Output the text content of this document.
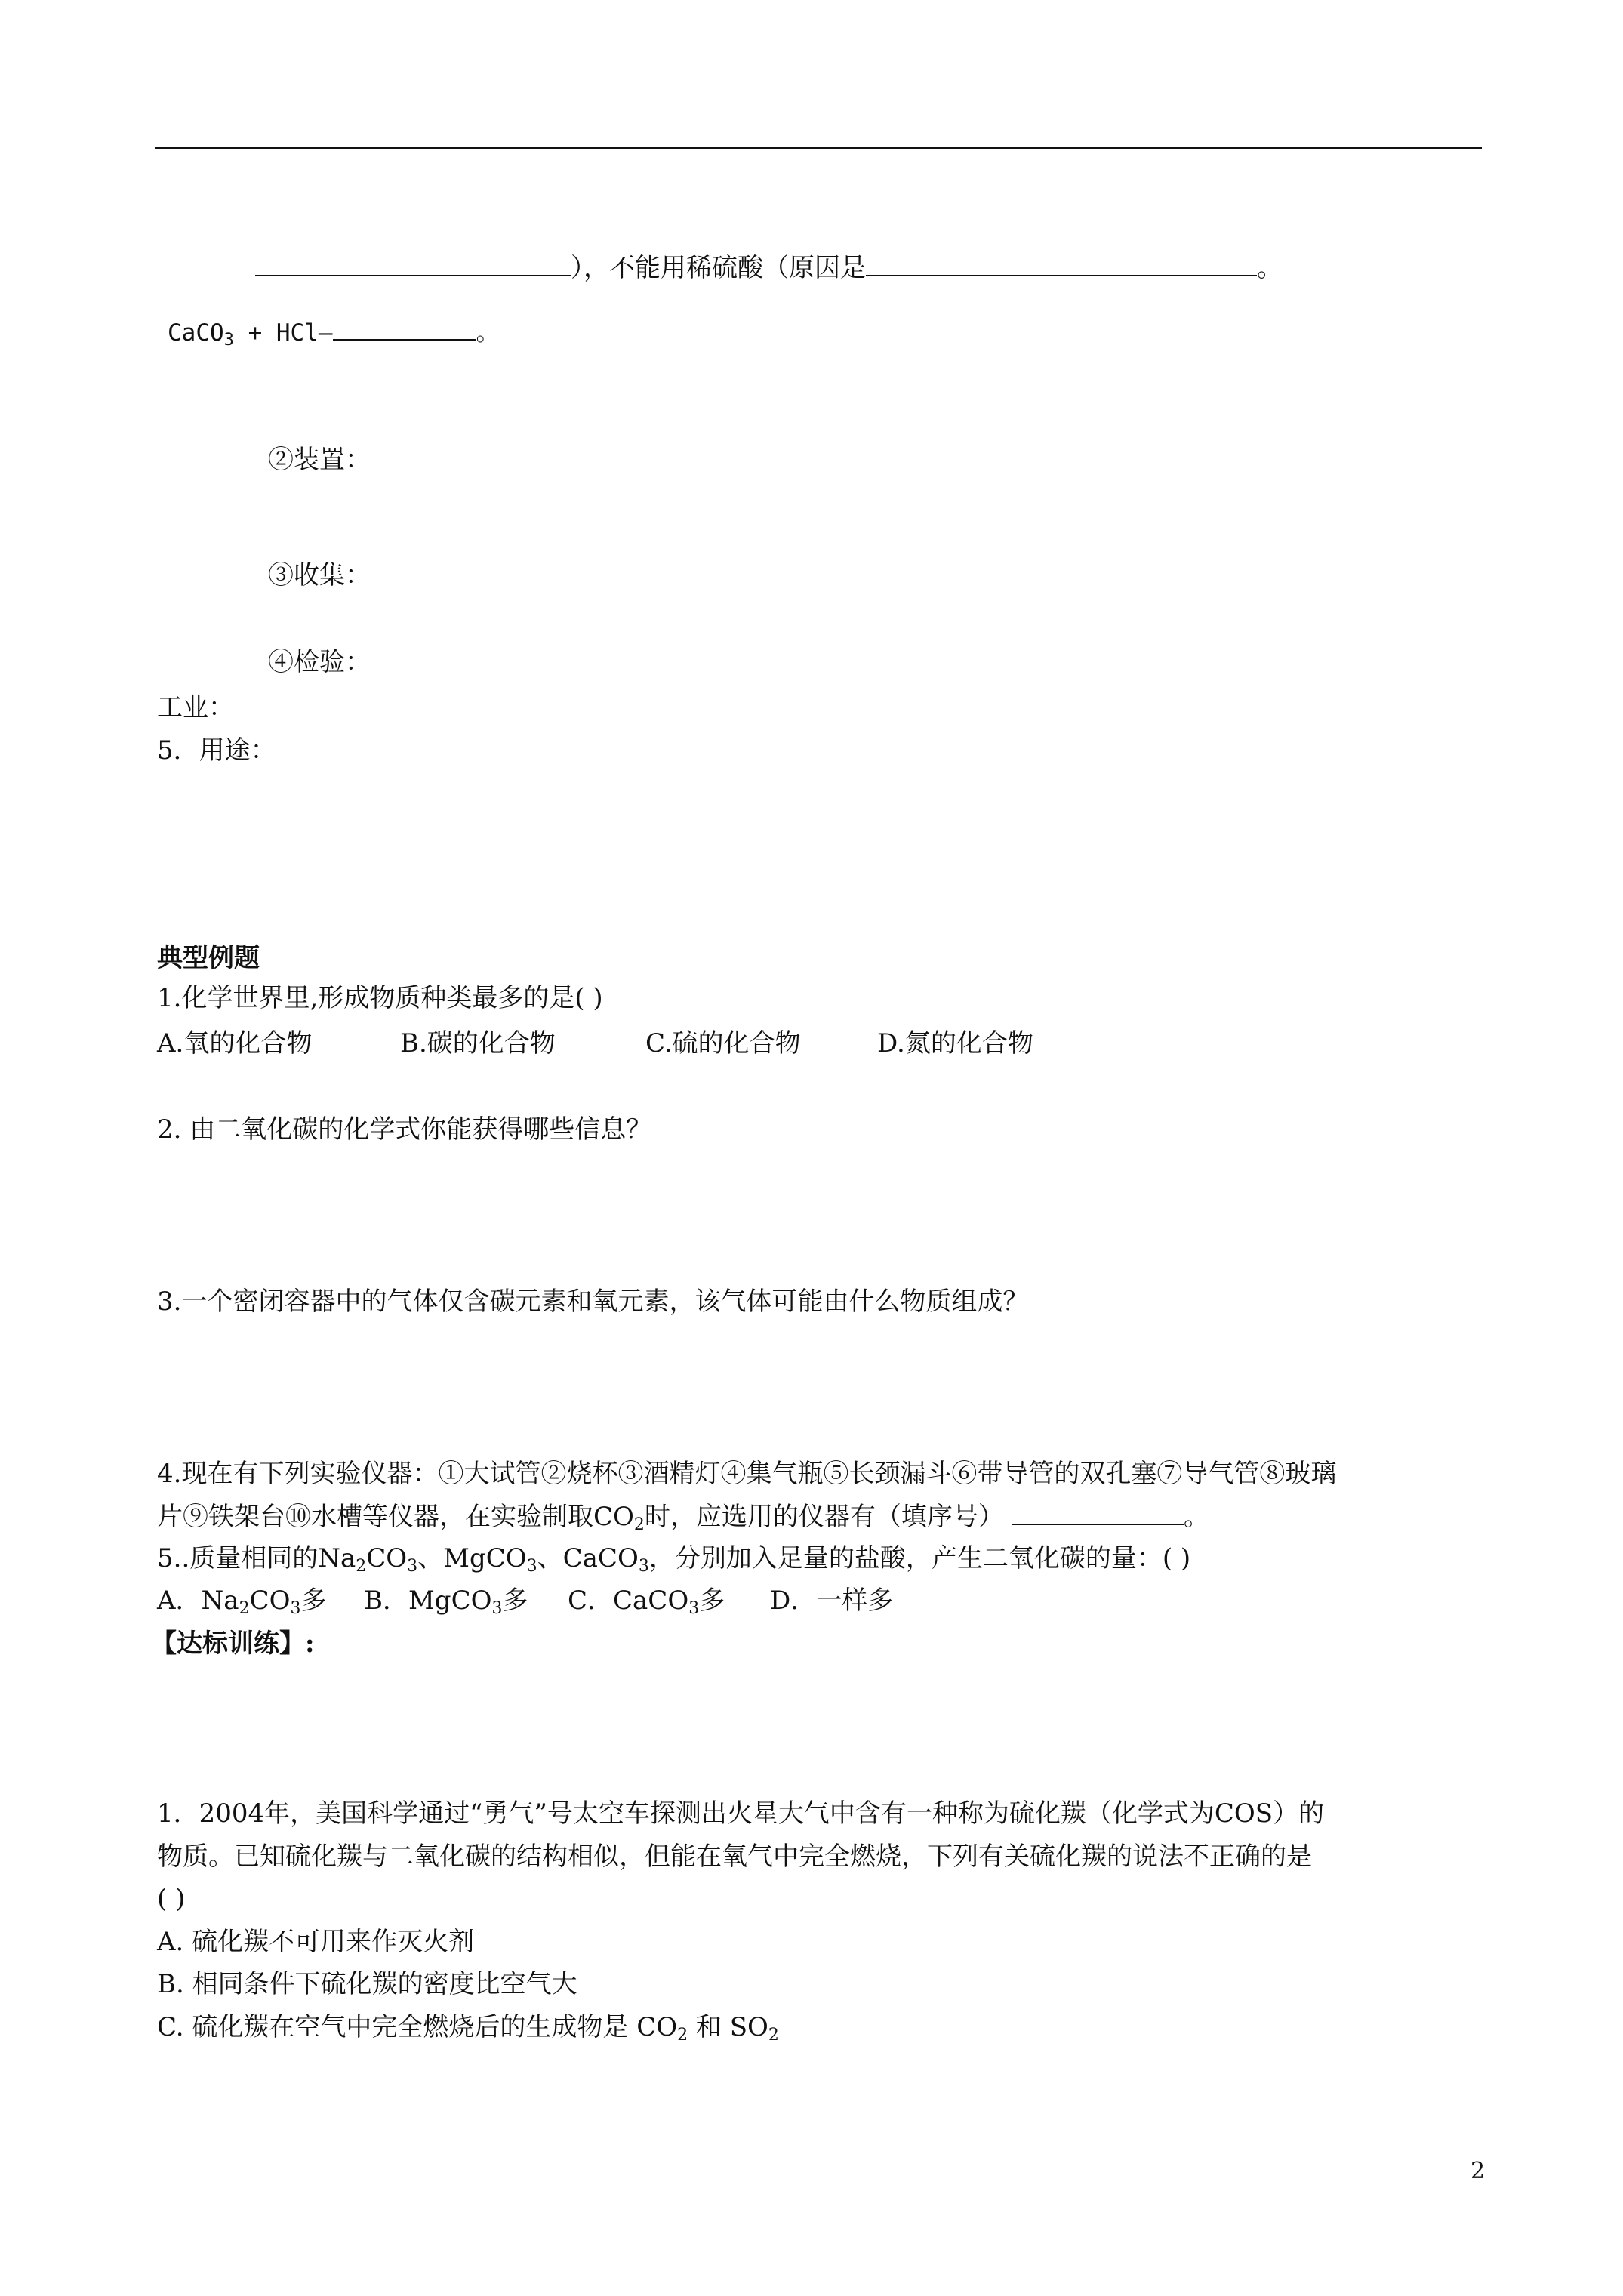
），不能用稀硫酸（原因是	。
CaCO$_3$ + HCl—	。
②装置：
③收集：
④检验：
工业：
5．用途：
典型例题
1.化学世界里,形成物质种类最多的是( )
A.氧的化合物	B.碳的化合物	C.硫的化合物	D.氮的化合物
2. 由二氧化碳的化学式你能获得哪些信息？
3.一个密闭容器中的气体仅含碳元素和氧元素，该气体可能由什么物质组成？
4.现在有下列实验仪器：①大试管②烧杯③酒精灯④集气瓶⑤长颈漏斗⑥带导管的双孔塞⑦导气管⑧玻璃
片⑨铁架台⑩水槽等仪器，在实验制取$CO_2$时，应选用的仪器有（填序号）	。
5..质量相同的$Na_2CO_3$、MgCO$_3$、CaCO$_3$，分别加入足量的盐酸，产生二氧化碳的量：( )
A．$Na_2CO_3$多 B．MgCO$_3$多 C．CaCO$_3$多 D．一样多
【达标训练】:
1．2004年，美国科学通过“勇气”号太空车探测出火星大气中含有一种称为硫化羰（化学式为COS）的
物质。已知硫化羰与二氧化碳的结构相似，但能在氧气中完全燃烧，下列有关硫化羰的说法不正确的是
( )
A. 硫化羰不可用来作灭火剂
B. 相同条件下硫化羰的密度比空气大
C. 硫化羰在空气中完全燃烧后的生成物是 $CO_2$ 和 $SO_2$
2
